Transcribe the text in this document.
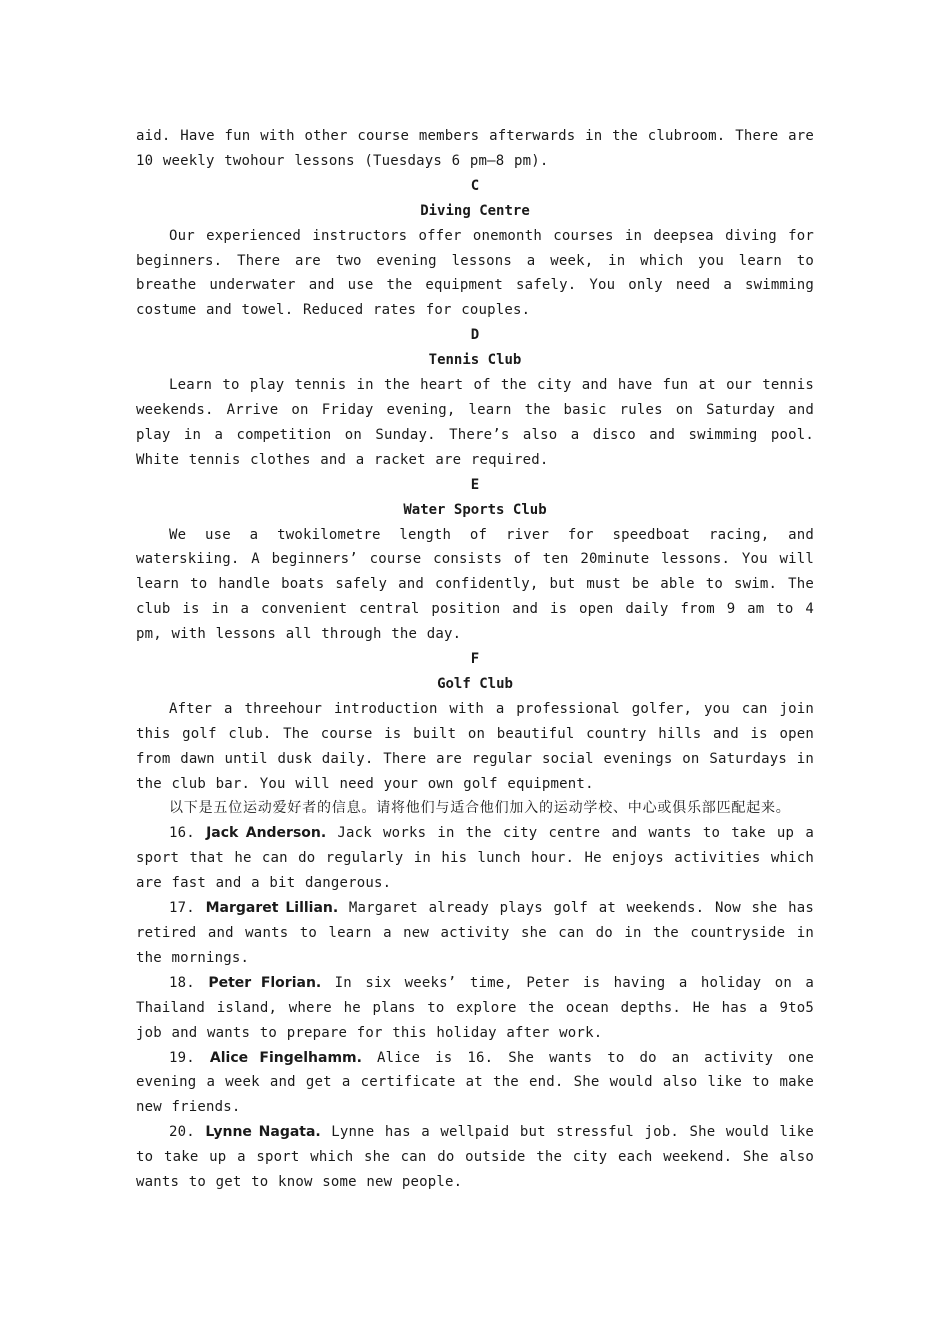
aid. Have fun with other course members afterwards in the clubroom. There are 10 weekly twohour lessons (Tuesdays 6 pm—8 pm).

C

Diving Centre

Our experienced instructors offer onemonth courses in deepsea diving for beginners. There are two evening lessons a week, in which you learn to breathe underwater and use the equipment safely. You only need a swimming costume and towel. Reduced rates for couples.

D

Tennis Club

Learn to play tennis in the heart of the city and have fun at our tennis weekends. Arrive on Friday evening, learn the basic rules on Saturday and play in a competition on Sunday. There’s also a disco and swimming pool. White tennis clothes and a racket are required.

E

Water Sports Club

We use a twokilometre length of river for speedboat racing, and waterskiing. A beginners’ course consists of ten 20minute lessons. You will learn to handle boats safely and confidently, but must be able to swim. The club is in a convenient central position and is open daily from 9 am to 4 pm, with lessons all through the day.

F

Golf Club

After a threehour introduction with a professional golfer, you can join this golf club. The course is built on beautiful country hills and is open from dawn until dusk daily. There are regular social evenings on Saturdays in the club bar. You will need your own golf equipment.

以下是五位运动爱好者的信息。请将他们与适合他们加入的运动学校、中心或俱乐部匹配起来。

16. Jack Anderson. Jack works in the city centre and wants to take up a sport that he can do regularly in his lunch hour. He enjoys activities which are fast and a bit dangerous.

17. Margaret Lillian. Margaret already plays golf at weekends. Now she has retired and wants to learn a new activity she can do in the countryside in the mornings.

18. Peter Florian. In six weeks’ time, Peter is having a holiday on a Thailand island, where he plans to explore the ocean depths. He has a 9to5 job and wants to prepare for this holiday after work.

19. Alice Fingelhamm. Alice is 16. She wants to do an activity one evening a week and get a certificate at the end. She would also like to make new friends.

20. Lynne Nagata. Lynne has a wellpaid but stressful job. She would like to take up a sport which she can do outside the city each weekend. She also wants to get to know some new people.
